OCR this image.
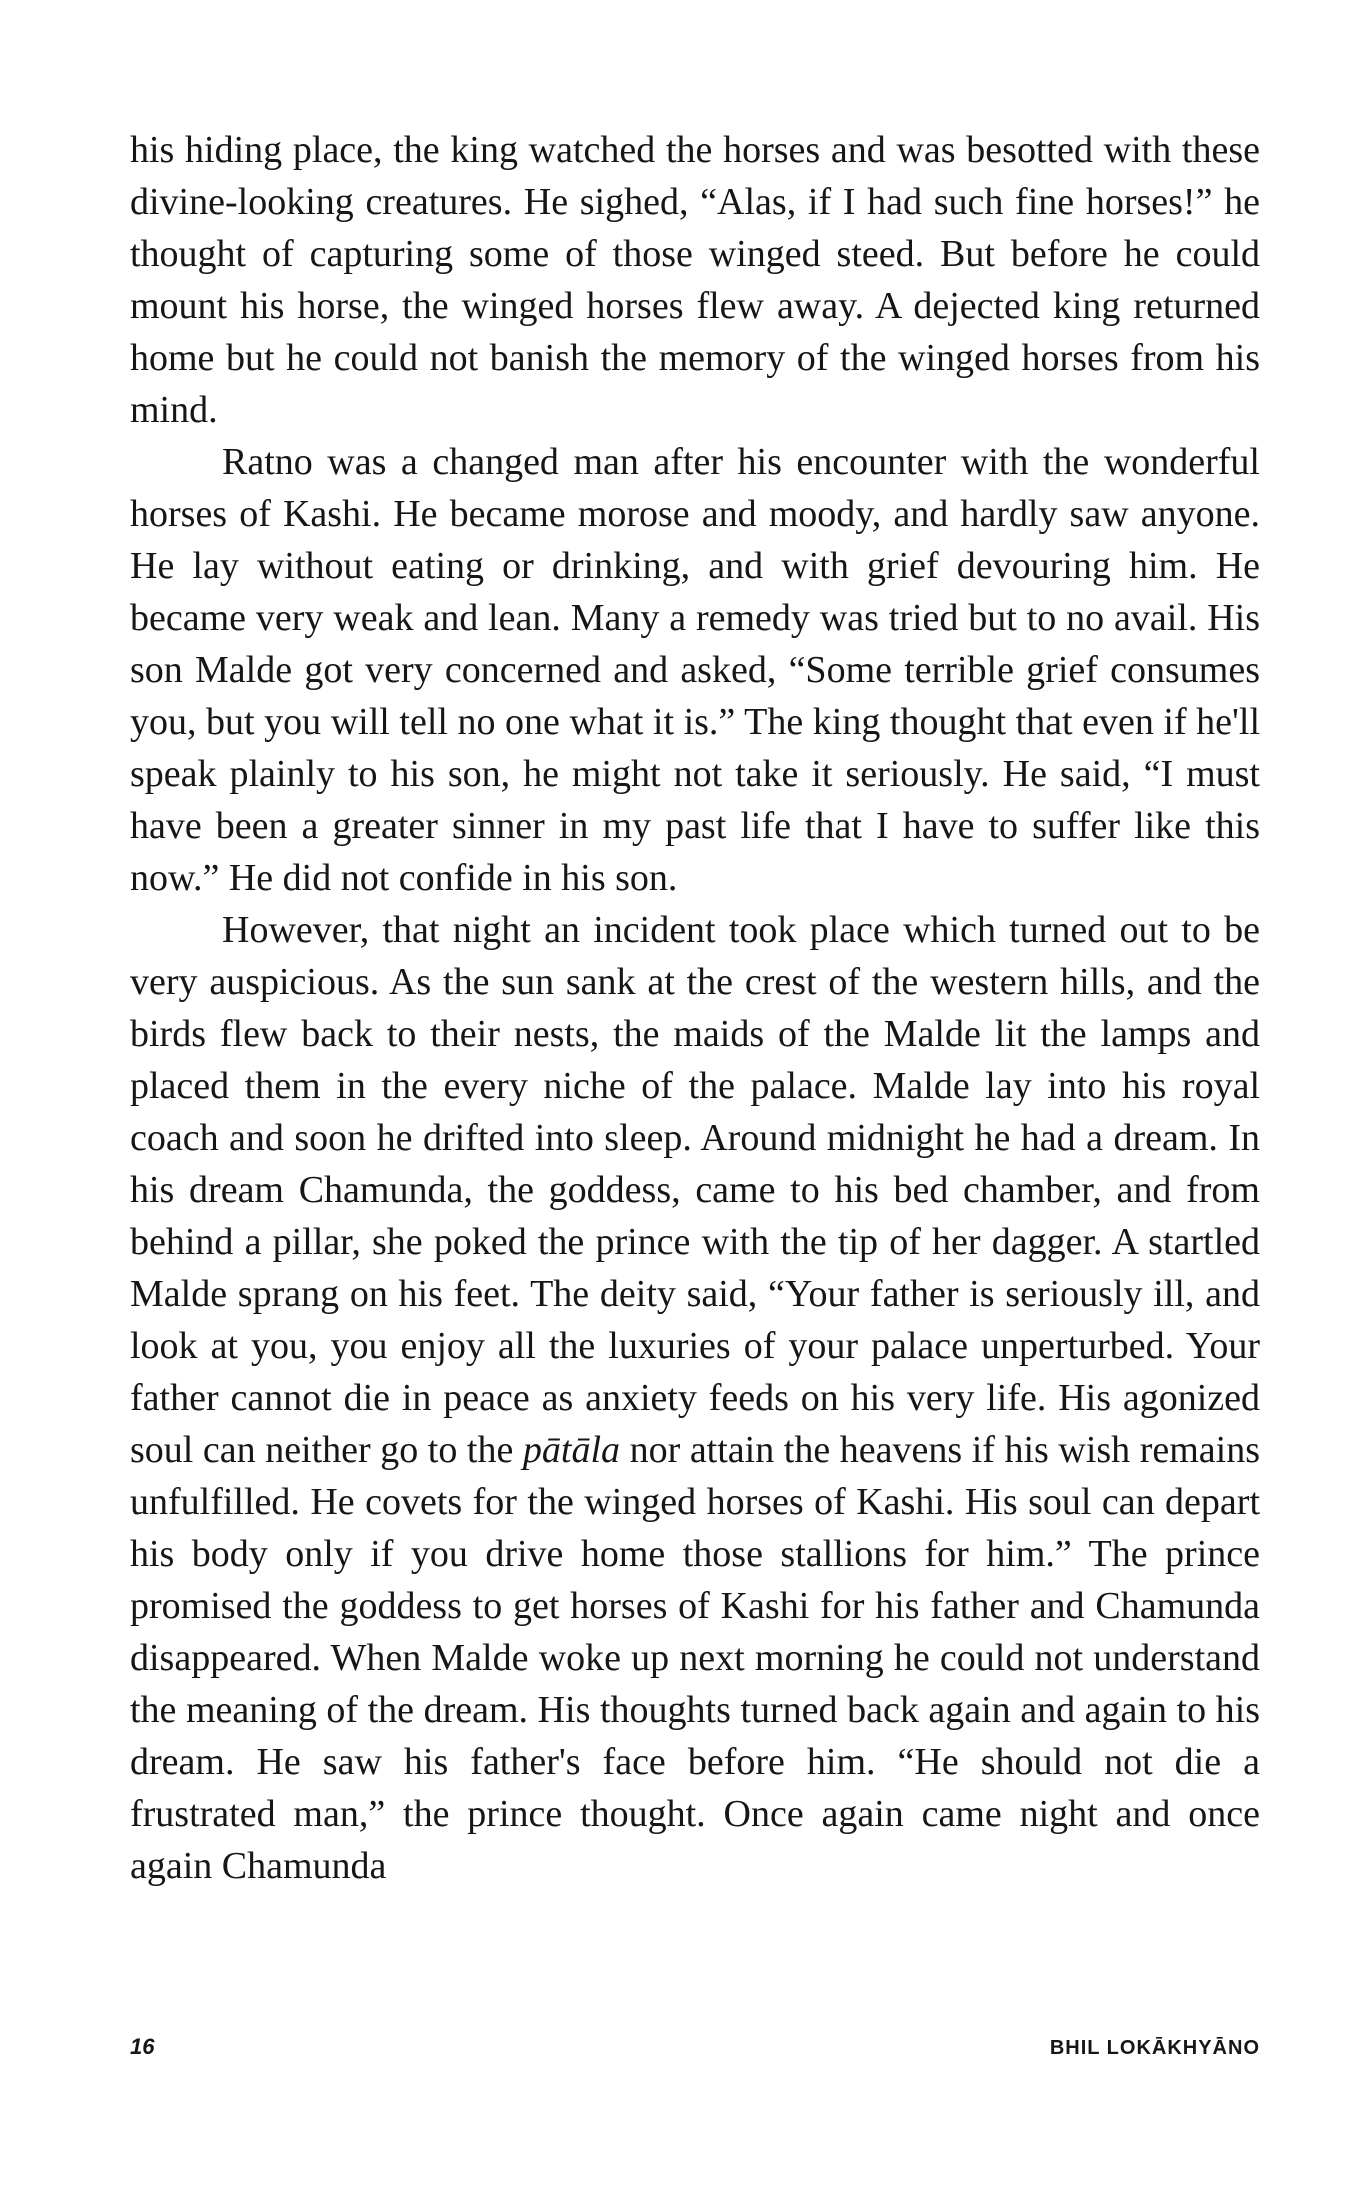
his hiding place, the king watched the horses and was besotted with these divine-looking creatures. He sighed, “Alas, if I had such fine horses!” he thought of capturing some of those winged steed. But before he could mount his horse, the winged horses flew away. A dejected king returned home but he could not banish the memory of the winged horses from his mind.

Ratno was a changed man after his encounter with the wonderful horses of Kashi. He became morose and moody, and hardly saw anyone. He lay without eating or drinking, and with grief devouring him. He became very weak and lean. Many a remedy was tried but to no avail. His son Malde got very concerned and asked, “Some terrible grief consumes you, but you will tell no one what it is.” The king thought that even if he'll speak plainly to his son, he might not take it seriously. He said, “I must have been a greater sinner in my past life that I have to suffer like this now.” He did not confide in his son.

However, that night an incident took place which turned out to be very auspicious. As the sun sank at the crest of the western hills, and the birds flew back to their nests, the maids of the Malde lit the lamps and placed them in the every niche of the palace. Malde lay into his royal coach and soon he drifted into sleep. Around midnight he had a dream. In his dream Chamunda, the goddess, came to his bed chamber, and from behind a pillar, she poked the prince with the tip of her dagger. A startled Malde sprang on his feet. The deity said, “Your father is seriously ill, and look at you, you enjoy all the luxuries of your palace unperturbed. Your father cannot die in peace as anxiety feeds on his very life. His agonized soul can neither go to the pātāla nor attain the heavens if his wish remains unfulfilled. He covets for the winged horses of Kashi. His soul can depart his body only if you drive home those stallions for him.” The prince promised the goddess to get horses of Kashi for his father and Chamunda disappeared. When Malde woke up next morning he could not understand the meaning of the dream. His thoughts turned back again and again to his dream. He saw his father's face before him. “He should not die a frustrated man,” the prince thought. Once again came night and once again Chamunda

16	BHIL LOKĀKHYĀNO
